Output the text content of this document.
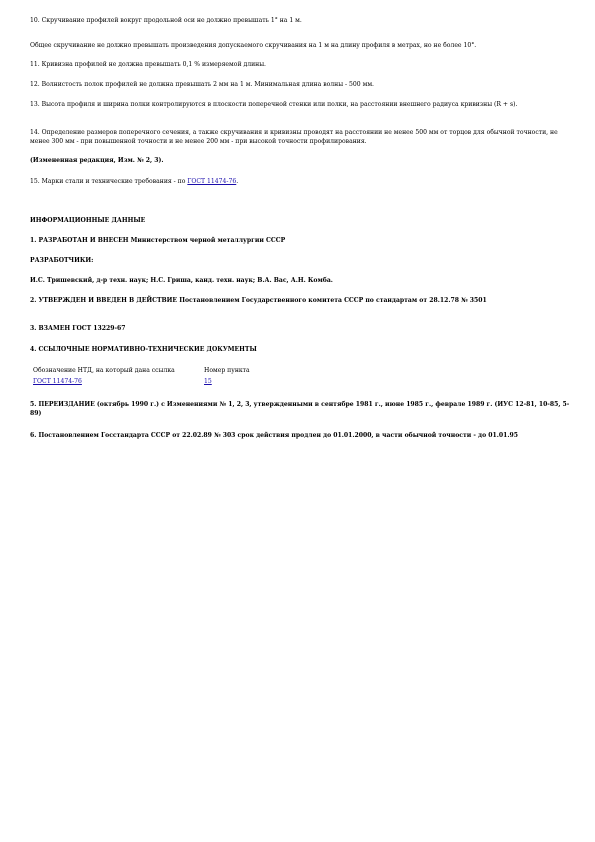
10. Скручивание профилей вокруг продольной оси не должно превышать 1° на 1 м.

Общее скручивание не должно превышать произведения допускаемого скручивания на 1 м на длину профиля в метрах, но не более 10°.

11. Кривизна профилей не должна превышать 0,1 % измеряемой длины.

12. Волнистость полок профилей не должна превышать 2 мм на 1 м. Минимальная длина волны - 500 мм.

13. Высота профиля и ширина полки контролируются в плоскости поперечной стенки или полки, на расстоянии внешнего радиуса кривизны (R + s).

14. Определение размеров поперечного сечения, а также скручивания и кривизны проводят на расстоянии не менее 500 мм от торцов для обычной точности, не менее 300 мм - при повышенной точности и не менее 200 мм - при высокой точности профилирования.

(Измененная редакция, Изм. № 2, 3).

15. Марки стали и технические требования - по ГОСТ 11474-76.

ИНФОРМАЦИОННЫЕ ДАННЫЕ

1. РАЗРАБОТАН И ВНЕСЕН Министерством черной металлургии СССР

РАЗРАБОТЧИКИ:

И.С. Тришевский, д-р техн. наук; Н.С. Гриша, канд. техн. наук; В.А. Вас, А.Н. Комба.

2. УТВЕРЖДЕН И ВВЕДЕН В ДЕЙСТВИЕ Постановлением Государственного комитета СССР по стандартам от 28.12.78 № 3501

3. ВЗАМЕН ГОСТ 13229-67

4. ССЫЛОЧНЫЕ НОРМАТИВНО-ТЕХНИЧЕСКИЕ ДОКУМЕНТЫ

Обозначение НТД, на который дана ссылка	Номер пункта
ГОСТ 11474-76	15

5. ПЕРЕИЗДАНИЕ (октябрь 1990 г.) с Изменениями № 1, 2, 3, утвержденными в сентябре 1981 г., июне 1985 г., феврале 1989 г. (ИУС 12-81, 10-85, 5-89)

6. Постановлением Госстандарта СССР от 22.02.89 № 303 срок действия продлен до 01.01.2000, в части обычной точности - до 01.01.95
